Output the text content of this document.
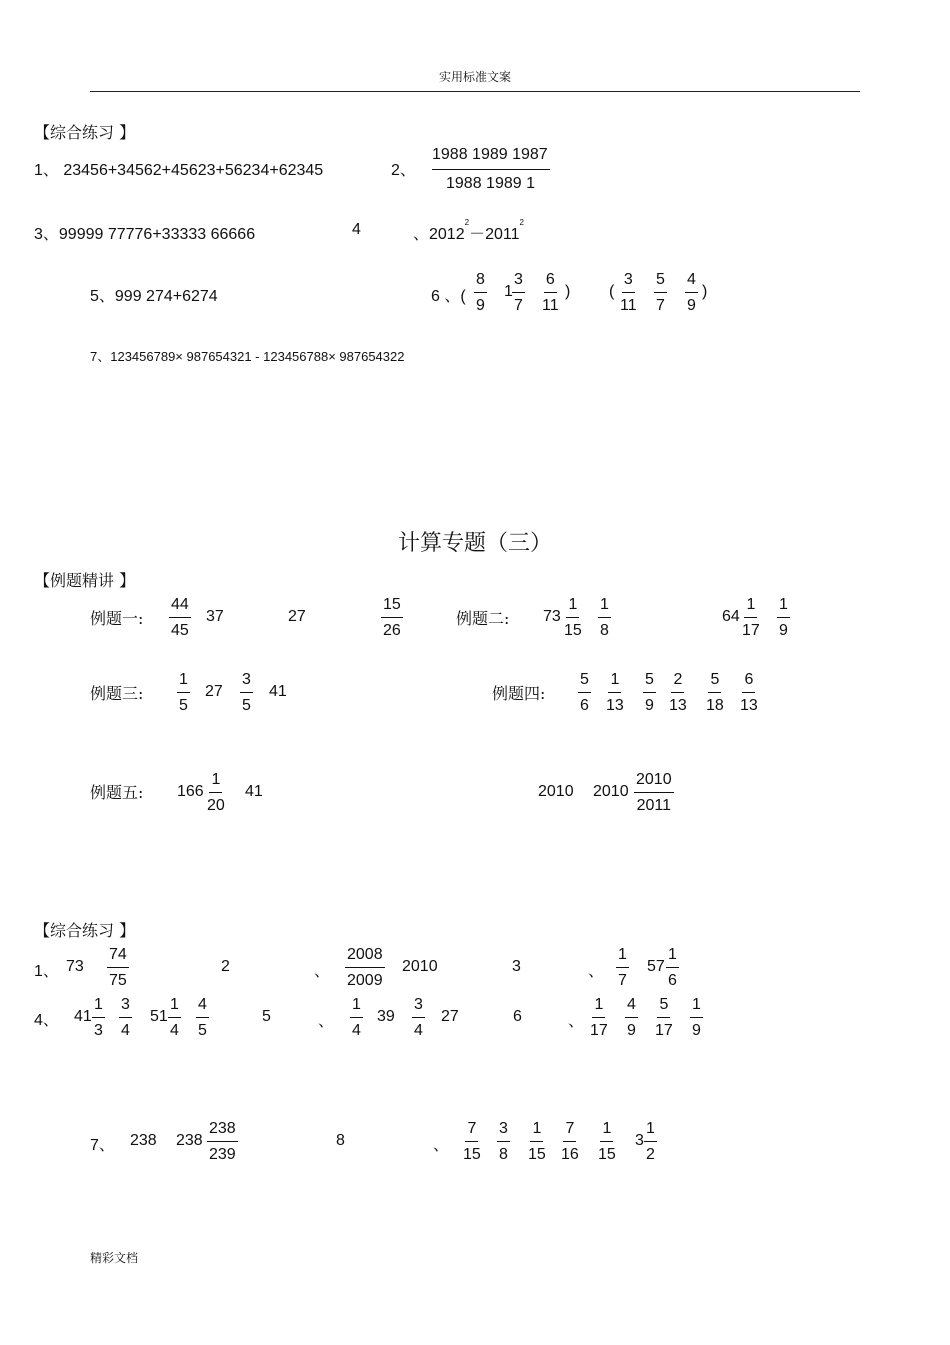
实用标准文案
【综合练习 】
1、 23456+34562+45623+56234+62345	2、 $\frac{1988 1989 1987}{1988 1989 1}$
3、99999 77776+33333 66666	4	、$2012^2-2011^2$
5、999 274+6274	6 、( $\frac{8}{9} 1 \frac{3}{7} \frac{6}{11}$ ) ( $\frac{3}{11} \frac{5}{7} \frac{4}{9}$ )
7、123456789× 987654321 - 123456788× 987654322
计算专题（三）
【例题精讲 】
例题一: $\frac{44}{45} 37$	27	$\frac{15}{26}$	例题二: $73 \frac{1}{15} \frac{1}{8}$	$64 \frac{1}{17} \frac{1}{9}$
例题三: $\frac{1}{5} 27 \frac{3}{5} 41$	例题四: $\frac{5}{6} \frac{1}{13} \frac{5}{9} \frac{2}{13} \frac{5}{18} \frac{6}{13}$
例题五: $166 \frac{1}{20} 41$	2010 $2010 \frac{2010}{2011}$
【综合练习 】
1、 $73 \frac{74}{75}$	2	、 $\frac{2008}{2009} 2010$	3	、 $\frac{1}{7} 57 \frac{1}{6}$
4、 $41 \frac{1}{3} \frac{3}{4} 51 \frac{1}{4} \frac{4}{5}$	5	、 $\frac{1}{4} 39 \frac{3}{4} 27$	6	、 $\frac{1}{17} \frac{4}{9} \frac{5}{17} \frac{1}{9}$
7、 238 $238 \frac{238}{239}$	8	、 $\frac{7}{15} \frac{3}{8} \frac{1}{15} \frac{7}{16} \frac{1}{15} 3 \frac{1}{2}$
精彩文档
